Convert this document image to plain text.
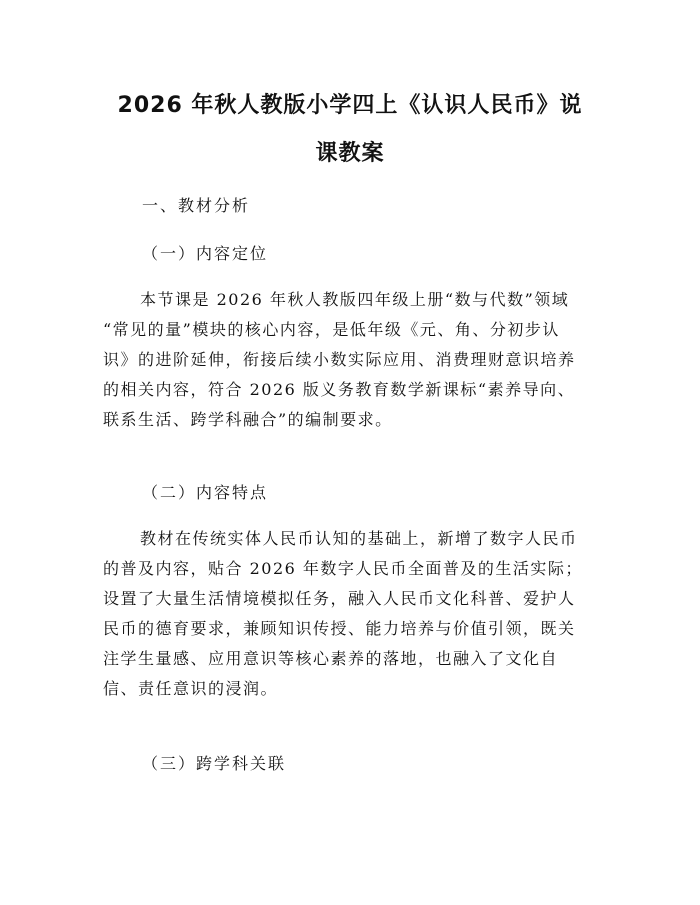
2026 年秋人教版小学四上《认识人民币》说
课教案
一、教材分析
（一）内容定位
本节课是 2026 年秋人教版四年级上册“数与代数”领域
“常见的量”模块的核心内容，是低年级《元、角、分初步认
识》的进阶延伸，衔接后续小数实际应用、消费理财意识培养
的相关内容，符合 2026 版义务教育数学新课标“素养导向、
联系生活、跨学科融合”的编制要求。
（二）内容特点
教材在传统实体人民币认知的基础上，新增了数字人民币
的普及内容，贴合 2026 年数字人民币全面普及的生活实际；
设置了大量生活情境模拟任务，融入人民币文化科普、爱护人
民币的德育要求，兼顾知识传授、能力培养与价值引领，既关
注学生量感、应用意识等核心素养的落地，也融入了文化自
信、责任意识的浸润。
（三）跨学科关联
